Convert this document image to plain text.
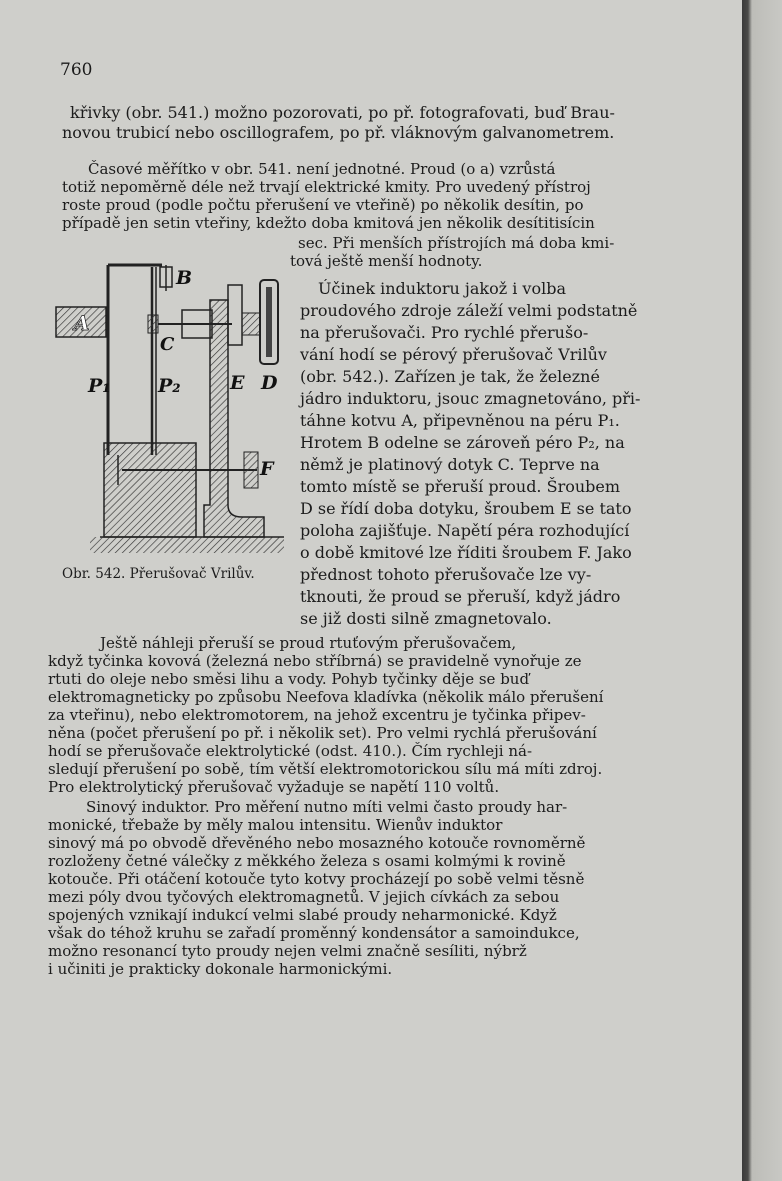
760
křivky (obr. 541.) možno pozorovati, po př. fotografovati, buď Brau-
novou trubicí nebo oscillografem, po př. vláknovým galvanometrem.
Časové měřítko v obr. 541. není jednotné. Proud (o a) vzrůstá
totiž nepoměrně déle než trvají elektrické kmity. Pro uvedený přístroj
roste proud (podle počtu přerušení ve vteřině) po několik desítin, po
případě jen setin vteřiny, kdežto doba kmitová jen několik desítitisícin
sec. Při menších přístrojích má doba kmi-
tová ještě menší hodnoty.
A
B
C
E D
F
P₁ P₂
Obr. 542. Přerušovač Vrilův.
Účinek induktoru jakož i volba
proudového zdroje záleží velmi podstatně
na přerušovači. Pro rychlé přerušo-
vání hodí se pérový přerušovač Vrilův
(obr. 542.). Zařízen je tak, že železné
jádro induktoru, jsouc zmagnetováno, při-
táhne kotvu A, připevněnou na péru P₁.
Hrotem B odelne se zároveň péro P₂, na
němž je platinový dotyk C. Teprve na
tomto místě se přeruší proud. Šroubem
D se řídí doba dotyku, šroubem E se tato
poloha zajišťuje. Napětí péra rozhodující
o době kmitové lze říditi šroubem F. Jako
přednost tohoto přerušovače lze vy-
tknouti, že proud se přeruší, když jádro
se již dosti silně zmagnetovalo.
Ještě náhleji přeruší se proud rtuťovým přerušovačem,
když tyčinka kovová (železná nebo stříbrná) se pravidelně vynořuje ze
rtuti do oleje nebo směsi lihu a vody. Pohyb tyčinky děje se buď
elektromagneticky po způsobu Neefova kladívka (několik málo přerušení
za vteřinu), nebo elektromotorem, na jehož excentru je tyčinka připev-
něna (počet přerušení po př. i několik set). Pro velmi rychlá přerušování
hodí se přerušovače elektrolytické (odst. 410.). Čím rychleji ná-
sledují přerušení po sobě, tím větší elektromotorickou sílu má míti zdroj.
Pro elektrolytický přerušovač vyžaduje se napětí 110 voltů.
Sinový induktor. Pro měření nutno míti velmi často proudy har-
monické, třebaže by měly malou intensitu. Wienův induktor
sinový má po obvodě dřevěného nebo mosazného kotouče rovnoměrně
rozloženy četné válečky z měkkého železa s osami kolmými k rovině
kotouče. Při otáčení kotouče tyto kotvy procházejí po sobě velmi těsně
mezi póly dvou tyčových elektromagnetů. V jejich cívkách za sebou
spojených vznikají indukcí velmi slabé proudy neharmonické. Když
však do téhož kruhu se zařadí proměnný kondensátor a samoindukce,
možno resonancí tyto proudy nejen velmi značně sesíliti, nýbrž
i učiniti je prakticky dokonale harmonickými.
